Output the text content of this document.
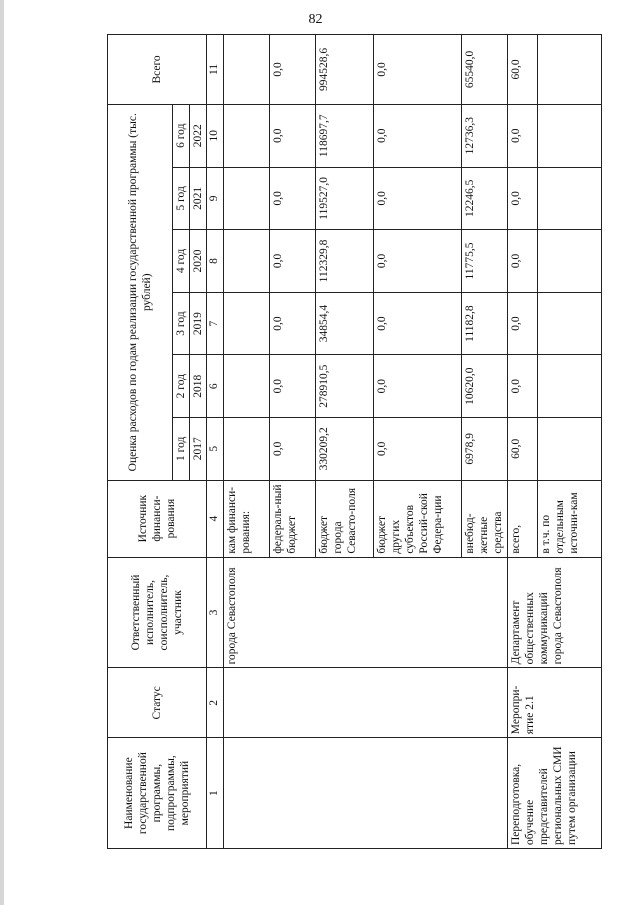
82
Наименование государственной программы, подпрограммы, мероприятий	Статус	Ответственный исполнитель, соисполнитель, участник	Источник финанси-рования	Оценка расходов по годам реализации государственной программы (тыс. рублей)						Всего
				1 год	2 год	3 год	4 год	5 год	6 год	
				2017	2018	2019	2020	2021	2022	
1	2	3	4	5	6	7	8	9	10	11
		города Севастополя	кам финанси-рования:							
			федераль-ный бюджет	0,0	0,0	0,0	0,0	0,0	0,0	0,0
			бюджет города Севасто-поля	330209,2	278910,5	34854,4	112329,8	119527,0	118697,7	994528,6
			бюджет других субъектов Россий-ской Федера-ции	0,0	0,0	0,0	0,0	0,0	0,0	0,0
			внебюд-жетные средства	6978,9	10620,0	11182,8	11775,5	12246,5	12736,3	65540,0
Переподготовка, обучение представителей региональных СМИ путем организации	Меропри-ятие 2.1	Департамент общественных коммуникаций города Севастополя	всего,	60,0	0,0	0,0	0,0	0,0	0,0	60,0
			в т.ч. по отдельным источни-кам							
